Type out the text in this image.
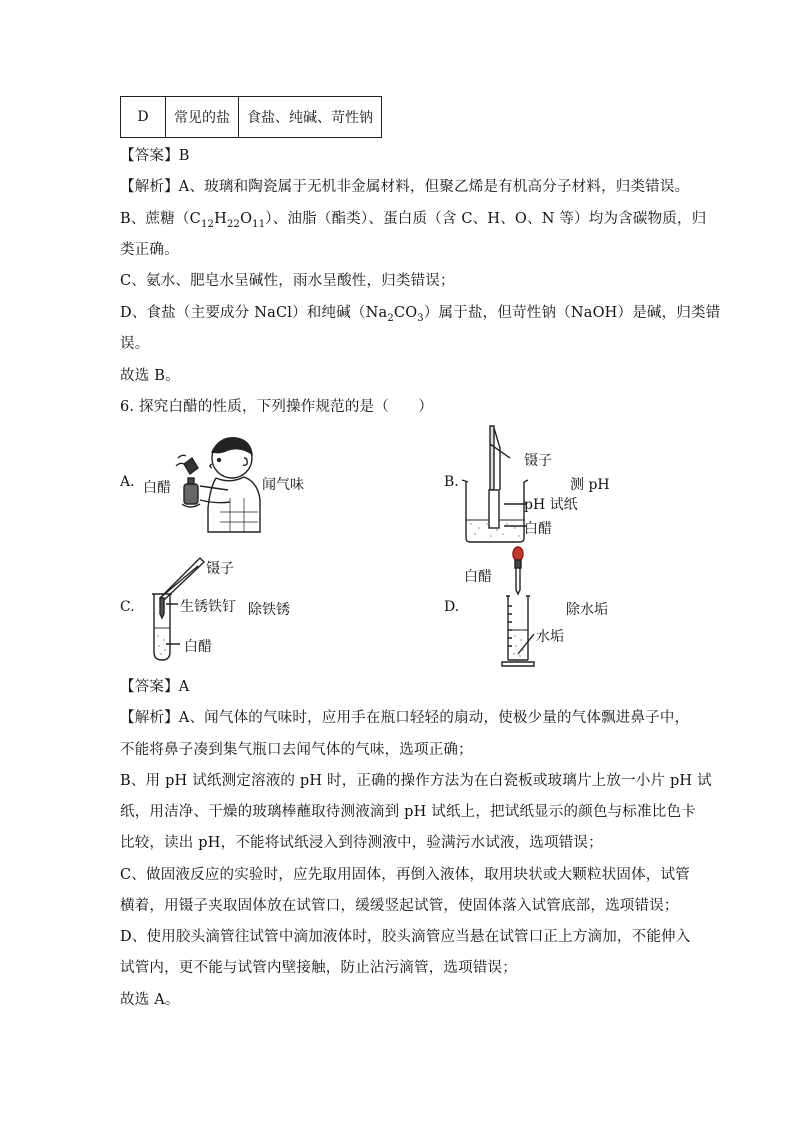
D	常见的盐	食盐、纯碱、苛性钠
【答案】B
【解析】A、玻璃和陶瓷属于无机非金属材料，但聚乙烯是有机高分子材料，归类错误。
B、蔗糖$(C_{12}H_{22}O_{11})$、油脂（酯类）、蛋白质（含 C、H、O、N 等）均为含碳物质，归
类正确。
C、氨水、肥皂水呈碱性，雨水呈酸性，归类错误；
D、食盐（主要成分 NaCl）和纯碱$(Na_2CO_3)$属于盐，但苛性钠（NaOH）是碱，归类错
误。
故选 B。
6. 探究白醋的性质，下列操作规范的是（　　）
A. 白醋	闻气味	B.
镊子
测 pH
pH 试纸
白醋
C.
镊子
生锈铁钉 除铁锈
白醋
D.
白醋
除水垢
水垢
【答案】A
【解析】A、闻气体的气味时，应用手在瓶口轻轻的扇动，使极少量的气体飘进鼻子中，
不能将鼻子凑到集气瓶口去闻气体的气味，选项正确；
B、用 pH 试纸测定溶液的 pH 时，正确的操作方法为在白瓷板或玻璃片上放一小片 pH 试
纸，用洁净、干燥的玻璃棒蘸取待测液滴到 pH 试纸上，把试纸显示的颜色与标准比色卡
比较，读出 pH，不能将试纸浸入到待测液中，验满污水试液，选项错误；
C、做固液反应的实验时，应先取用固体，再倒入液体，取用块状或大颗粒状固体，试管
横着，用镊子夹取固体放在试管口，缓缓竖起试管，使固体落入试管底部，选项错误；
D、使用胶头滴管往试管中滴加液体时，胶头滴管应当悬在试管口正上方滴加，不能伸入
试管内，更不能与试管内壁接触，防止沾污滴管，选项错误；
故选 A。
